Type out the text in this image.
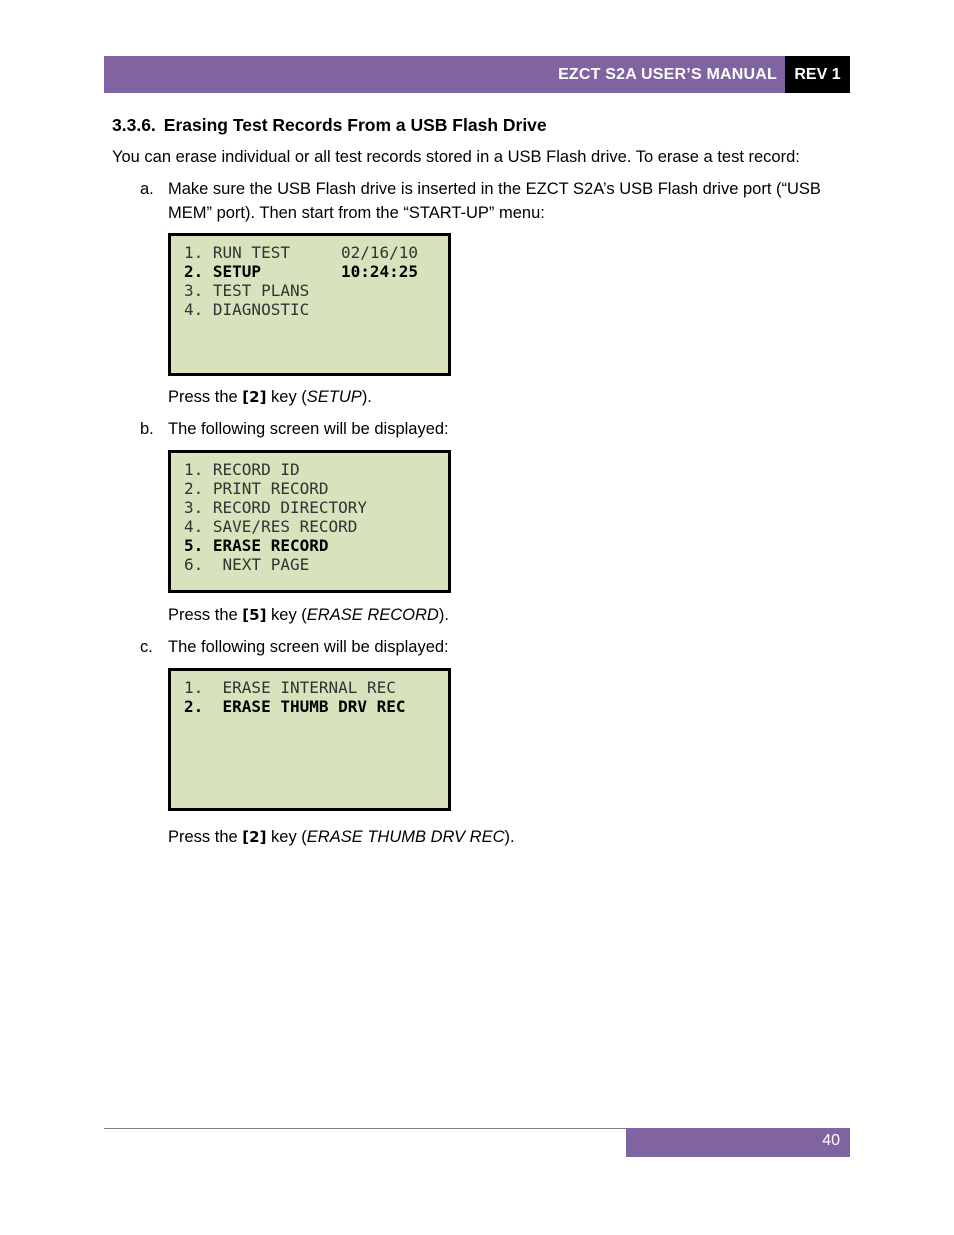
EZCT S2A USER’S MANUAL	REV 1
3.3.6. Erasing Test Records From a USB Flash Drive
You can erase individual or all test records stored in a USB Flash drive. To erase a test record:
a. Make sure the USB Flash drive is inserted in the EZCT S2A’s USB Flash drive port (“USB
MEM” port). Then start from the “START-UP” menu:
1. RUN TEST
2. SETUP
3. TEST PLANS
4. DIAGNOSTIC
02/16/10
10:24:25
Press the [2] key (SETUP).
b. The following screen will be displayed:
1. RECORD ID
2. PRINT RECORD
3. RECORD DIRECTORY
4. SAVE/RES RECORD
5. ERASE RECORD
6.  NEXT PAGE
Press the [5] key (ERASE RECORD).
c. The following screen will be displayed:
1.  ERASE INTERNAL REC
2.  ERASE THUMB DRV REC
Press the [2] key (ERASE THUMB DRV REC).
40
